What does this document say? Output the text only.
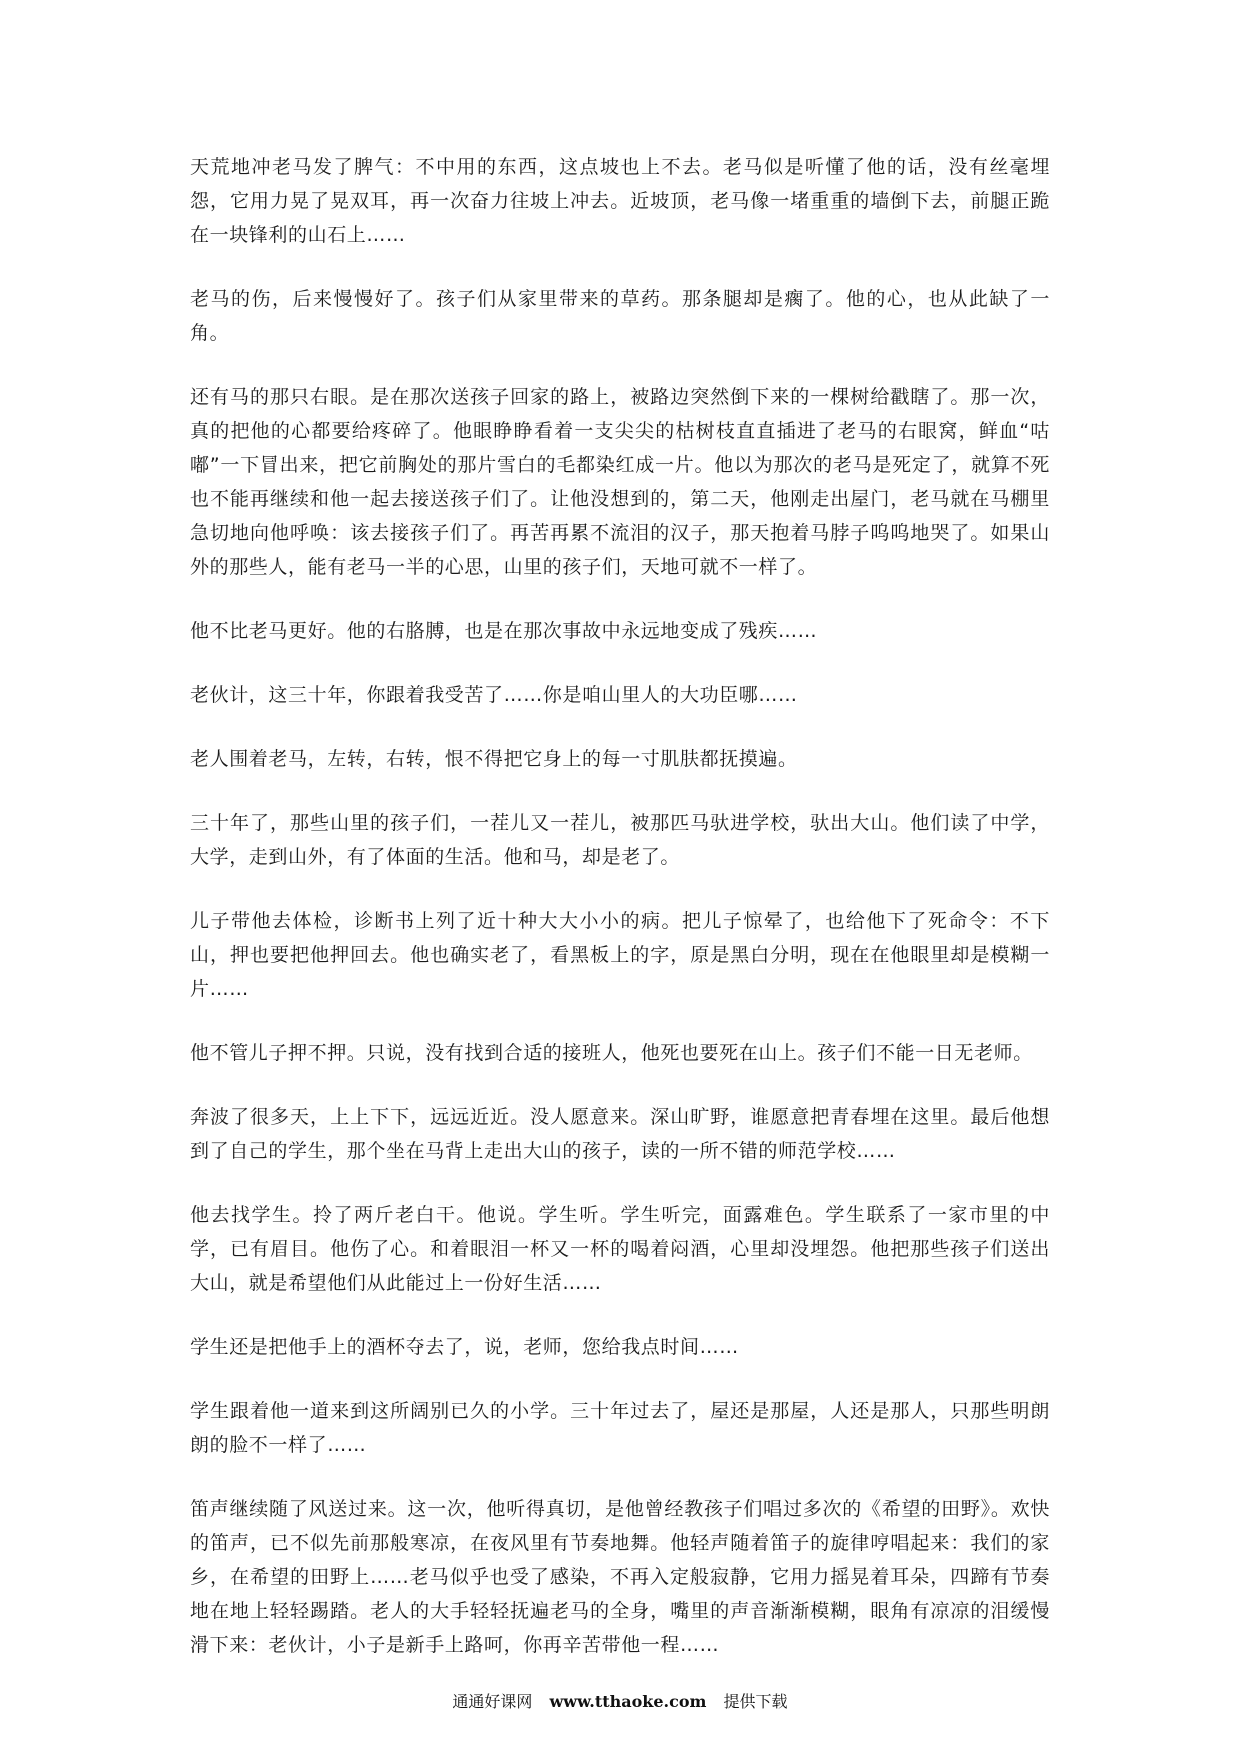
天荒地冲老马发了脾气：不中用的东西，这点坡也上不去。老马似是听懂了他的话，没有丝毫埋怨，它用力晃了晃双耳，再一次奋力往坡上冲去。近坡顶，老马像一堵重重的墙倒下去，前腿正跪在一块锋利的山石上……

老马的伤，后来慢慢好了。孩子们从家里带来的草药。那条腿却是瘸了。他的心，也从此缺了一角。

还有马的那只右眼。是在那次送孩子回家的路上，被路边突然倒下来的一棵树给戳瞎了。那一次，真的把他的心都要给疼碎了。他眼睁睁看着一支尖尖的枯树枝直直插进了老马的右眼窝，鲜血“咕嘟”一下冒出来，把它前胸处的那片雪白的毛都染红成一片。他以为那次的老马是死定了，就算不死也不能再继续和他一起去接送孩子们了。让他没想到的，第二天，他刚走出屋门，老马就在马棚里急切地向他呼唤：该去接孩子们了。再苦再累不流泪的汉子，那天抱着马脖子呜呜地哭了。如果山外的那些人，能有老马一半的心思，山里的孩子们，天地可就不一样了。

他不比老马更好。他的右胳膊，也是在那次事故中永远地变成了残疾……

老伙计，这三十年，你跟着我受苦了……你是咱山里人的大功臣哪……

老人围着老马，左转，右转，恨不得把它身上的每一寸肌肤都抚摸遍。

三十年了，那些山里的孩子们，一茬儿又一茬儿，被那匹马驮进学校，驮出大山。他们读了中学，大学，走到山外，有了体面的生活。他和马，却是老了。

儿子带他去体检，诊断书上列了近十种大大小小的病。把儿子惊晕了，也给他下了死命令：不下山，押也要把他押回去。他也确实老了，看黑板上的字，原是黑白分明，现在在他眼里却是模糊一片……

他不管儿子押不押。只说，没有找到合适的接班人，他死也要死在山上。孩子们不能一日无老师。

奔波了很多天，上上下下，远远近近。没人愿意来。深山旷野，谁愿意把青春埋在这里。最后他想到了自己的学生，那个坐在马背上走出大山的孩子，读的一所不错的师范学校……

他去找学生。拎了两斤老白干。他说。学生听。学生听完，面露难色。学生联系了一家市里的中学，已有眉目。他伤了心。和着眼泪一杯又一杯的喝着闷酒，心里却没埋怨。他把那些孩子们送出大山，就是希望他们从此能过上一份好生活……

学生还是把他手上的酒杯夺去了，说，老师，您给我点时间……

学生跟着他一道来到这所阔别已久的小学。三十年过去了，屋还是那屋，人还是那人，只那些明朗朗的脸不一样了……

笛声继续随了风送过来。这一次，他听得真切，是他曾经教孩子们唱过多次的《希望的田野》。欢快的笛声，已不似先前那般寒凉，在夜风里有节奏地舞。他轻声随着笛子的旋律哼唱起来：我们的家乡，在希望的田野上……老马似乎也受了感染，不再入定般寂静，它用力摇晃着耳朵，四蹄有节奏地在地上轻轻踢踏。老人的大手轻轻抚遍老马的全身，嘴里的声音渐渐模糊，眼角有凉凉的泪缓慢滑下来：老伙计，小子是新手上路呵，你再辛苦带他一程……

通通好课网 www.tthaoke.com 提供下载
